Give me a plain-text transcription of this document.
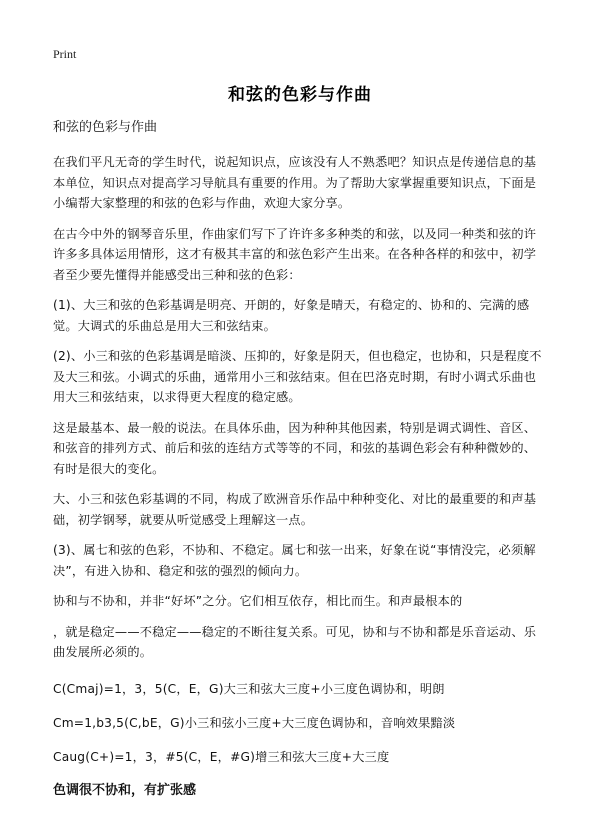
Print
和弦的色彩与作曲
和弦的色彩与作曲

在我们平凡无奇的学生时代，说起知识点，应该没有人不熟悉吧？知识点是传递信息的基本单位，知识点对提高学习导航具有重要的作用。为了帮助大家掌握重要知识点，下面是小编帮大家整理的和弦的色彩与作曲，欢迎大家分享。

在古今中外的钢琴音乐里，作曲家们写下了许许多多种类的和弦，以及同一种类和弦的许许多多具体运用情形，这才有极其丰富的和弦色彩产生出来。在各种各样的和弦中，初学者至少要先懂得并能感受出三种和弦的色彩：

(1)、大三和弦的色彩基调是明亮、开朗的，好象是晴天，有稳定的、协和的、完满的感觉。大调式的乐曲总是用大三和弦结束。

(2)、小三和弦的色彩基调是暗淡、压抑的，好象是阴天，但也稳定，也协和，只是程度不及大三和弦。小调式的乐曲，通常用小三和弦结束。但在巴洛克时期，有时小调式乐曲也用大三和弦结束，以求得更大程度的稳定感。

这是最基本、最一般的说法。在具体乐曲，因为种种其他因素，特别是调式调性、音区、和弦音的排列方式、前后和弦的连结方式等等的不同，和弦的基调色彩会有种种微妙的、有时是很大的变化。

大、小三和弦色彩基调的不同，构成了欧洲音乐作品中种种变化、对比的最重要的和声基础，初学钢琴，就要从听觉感受上理解这一点。

(3)、属七和弦的色彩，不协和、不稳定。属七和弦一出来，好象在说“事情没完，必须解决”，有进入协和、稳定和弦的强烈的倾向力。

协和与不协和，并非“好坏”之分。它们相互依存，相比而生。和声最根本的

，就是稳定——不稳定——稳定的不断往复关系。可见，协和与不协和都是乐音运动、乐曲发展所必须的。

C(Cmaj)=1，3，5(C，E，G)大三和弦大三度+小三度色调协和，明朗

Cm=1,b3,5(C,bE，G)小三和弦小三度+大三度色调协和，音响效果黯淡

Caug(C+)=1，3，#5(C，E，#G)增三和弦大三度+大三度

色调很不协和，有扩张感
